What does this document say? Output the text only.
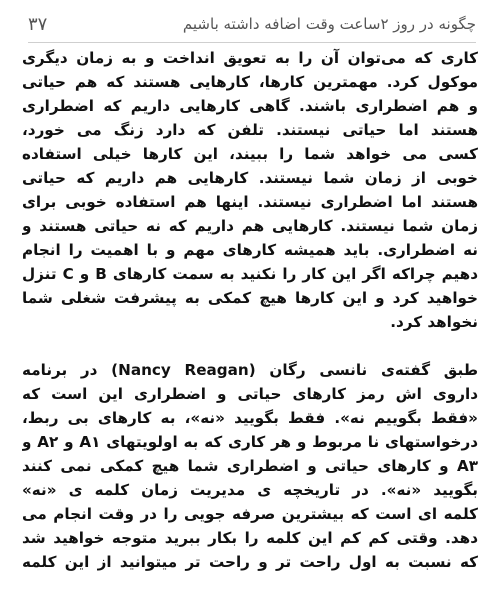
چگونه در روز ۲ساعت وقت اضافه داشته باشیم
۳۷
کاری که می‌توان آن را به تعویق انداخت و به زمان دیگری
موکول کرد. مهمترین کارها، کارهایی هستند که هم حیاتی
و هم اضطراری باشند. گاهی کارهایی داریم که اضطراری
هستند اما حیاتی نیستند. تلفن که دارد زنگ می خورد،
کسی می خواهد شما را ببیند، این کارها خیلی استفاده
خوبی از زمان شما نیستند. کارهایی هم داریم که حیاتی
هستند اما اضطراری نیستند. اینها هم استفاده خوبی برای
زمان شما نیستند. کارهایی هم داریم که نه حیاتی هستند و
نه اضطراری. باید همیشه کارهای مهم و با اهمیت را انجام
دهیم چراکه اگر این کار را نکنید به سمت کارهای B و C تنزل
خواهید کرد و این کارها هیچ کمکی به پیشرفت شغلی شما
نخواهد کرد.
طبق گفته‌ی نانسی رگان (Nancy Reagan) در برنامه
داروی اش رمز کارهای حیاتی و اضطراری این است که
«فقط بگوییم نه». فقط بگویید «نه»، به کارهای بی ربط،
درخواستهای نا مربوط و هر کاری که به اولویتهای A۱ و A۲ و
A۳ و کارهای حیاتی و اضطراری شما هیچ کمکی نمی کنند
بگویید «نه». در تاریخچه ی مدیریت زمان کلمه ی «نه»
کلمه ای است که بیشترین صرفه جویی را در وقت انجام می
دهد. وقتی کم کم این کلمه را بکار ببرید متوجه خواهید شد
که نسبت به اول راحت تر و راحت تر میتوانید از این کلمه
